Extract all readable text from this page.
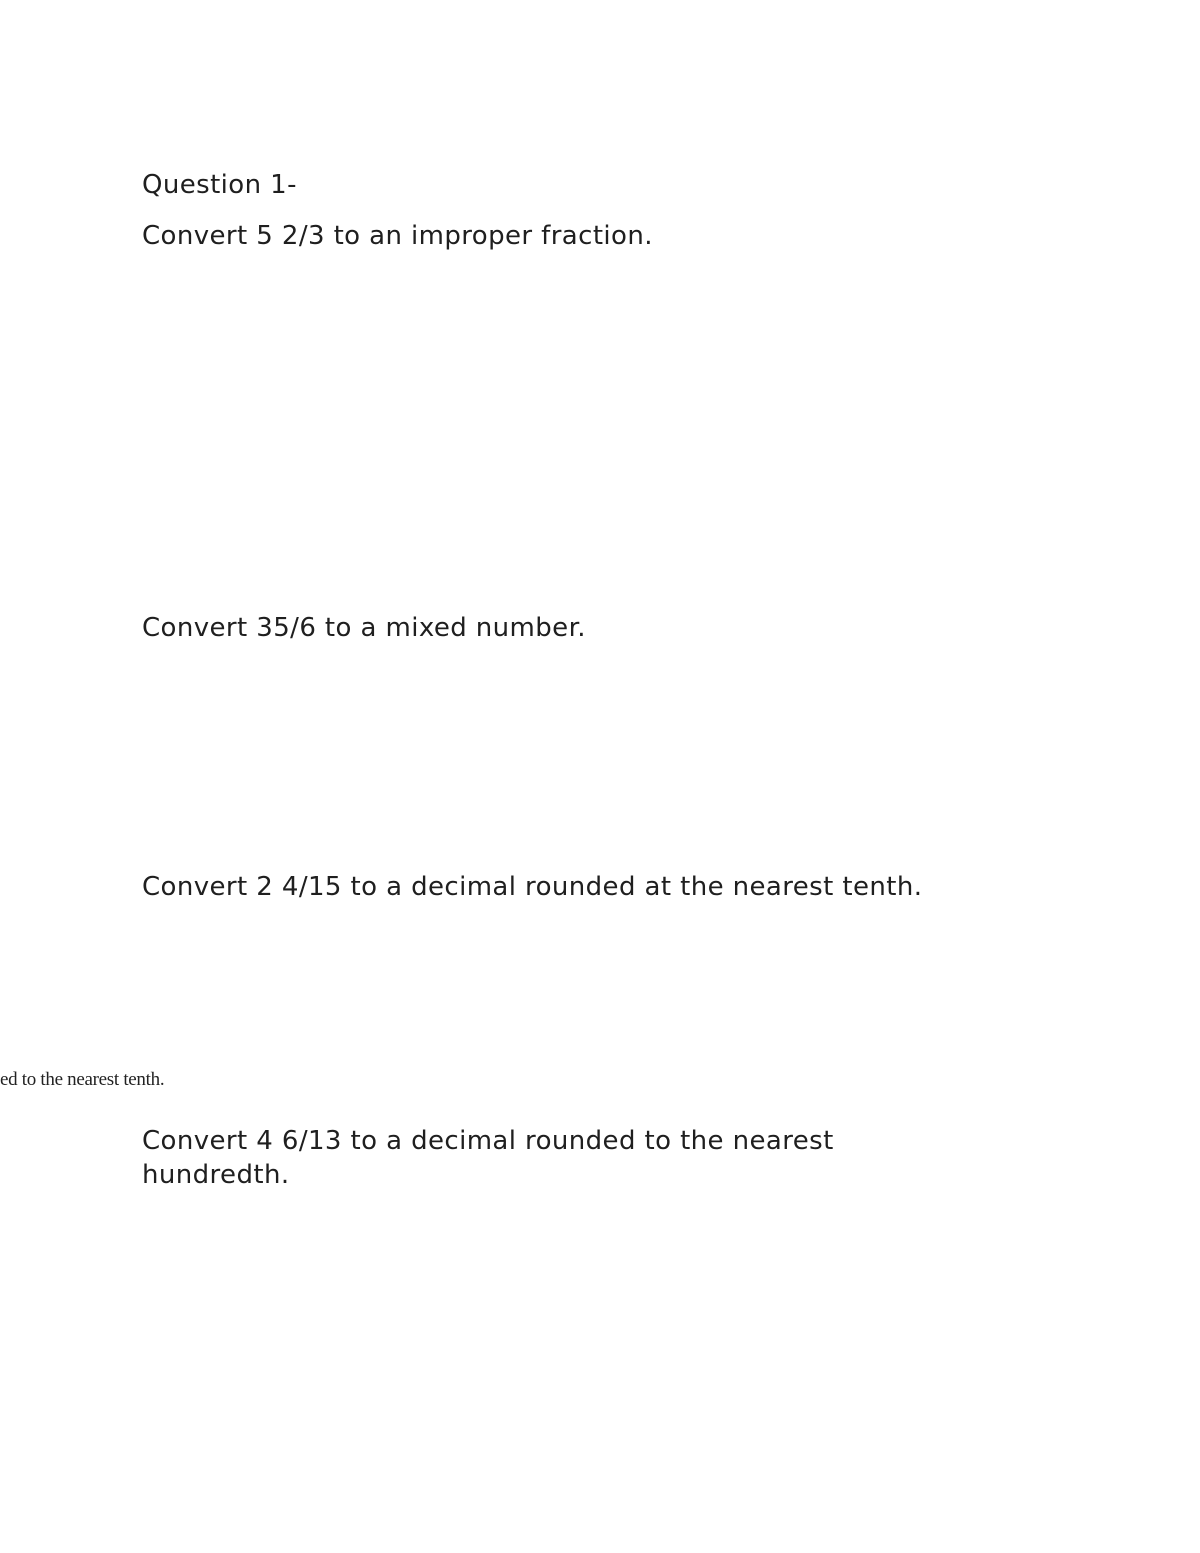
Question 1-

Convert 5 2/3 to an improper fraction.

Convert 35/6 to a mixed number.

Convert 2 4/15 to a decimal rounded at the nearest tenth.

ed to the nearest tenth.

Convert 4 6/13 to a decimal rounded to the nearest hundredth.
